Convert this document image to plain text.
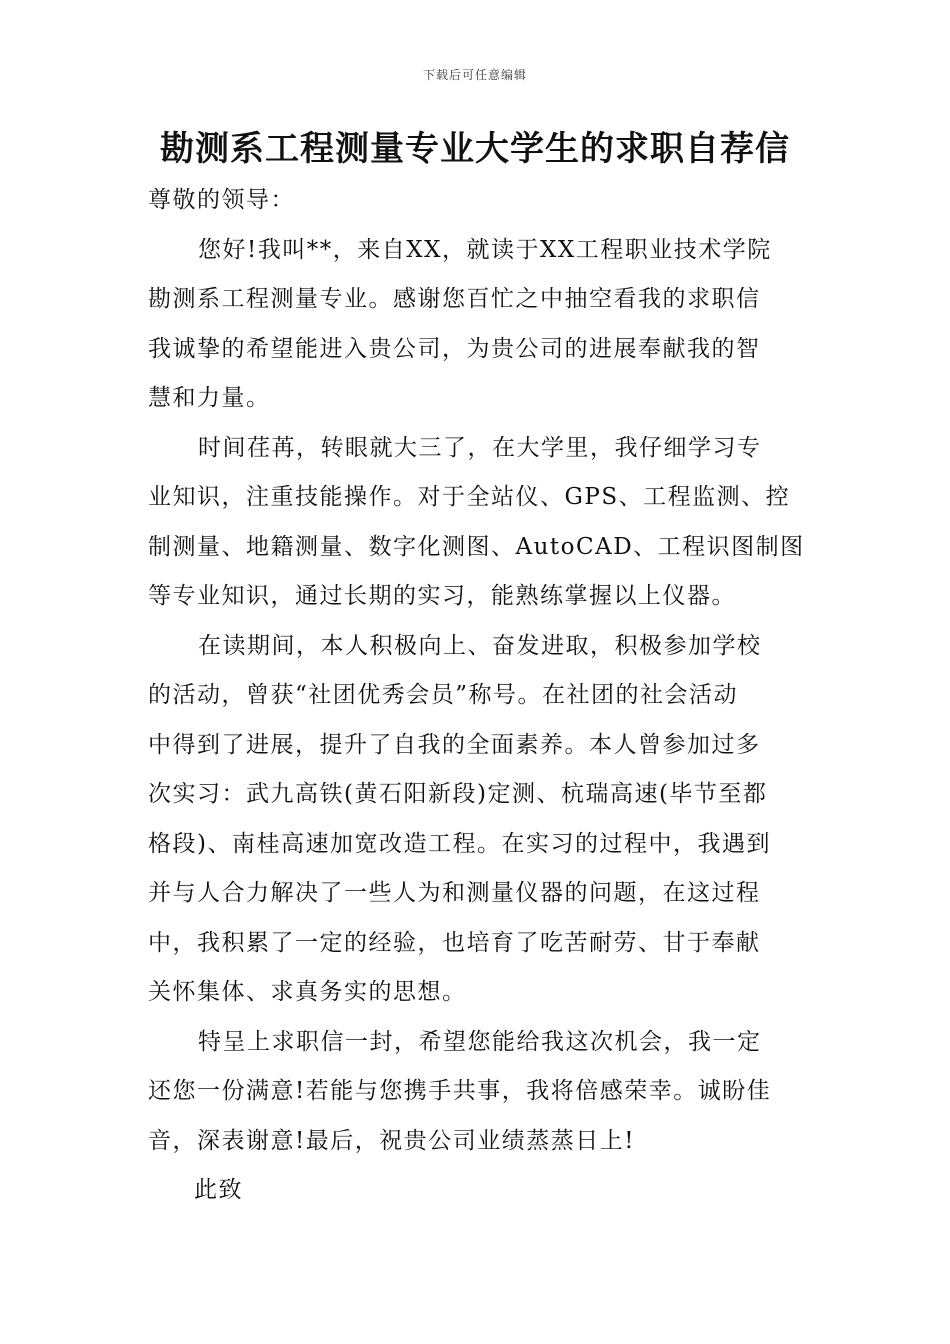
下载后可任意编辑
勘测系工程测量专业大学生的求职自荐信
尊敬的领导：
您好!我叫**，来自XX，就读于XX工程职业技术学院
勘测系工程测量专业。感谢您百忙之中抽空看我的求职信
我诚挚的希望能进入贵公司，为贵公司的进展奉献我的智
慧和力量。
时间荏苒，转眼就大三了，在大学里，我仔细学习专
业知识，注重技能操作。对于全站仪、GPS、工程监测、控
制测量、地籍测量、数字化测图、AutoCAD、工程识图制图
等专业知识，通过长期的实习，能熟练掌握以上仪器。
在读期间，本人积极向上、奋发进取，积极参加学校
的活动，曾获“社团优秀会员”称号。在社团的社会活动
中得到了进展，提升了自我的全面素养。本人曾参加过多
次实习：武九高铁(黄石阳新段)定测、杭瑞高速(毕节至都
格段)、南桂高速加宽改造工程。在实习的过程中，我遇到
并与人合力解决了一些人为和测量仪器的问题，在这过程
中，我积累了一定的经验，也培育了吃苦耐劳、甘于奉献
关怀集体、求真务实的思想。
特呈上求职信一封，希望您能给我这次机会，我一定
还您一份满意!若能与您携手共事，我将倍感荣幸。诚盼佳
音，深表谢意!最后，祝贵公司业绩蒸蒸日上!
此致
